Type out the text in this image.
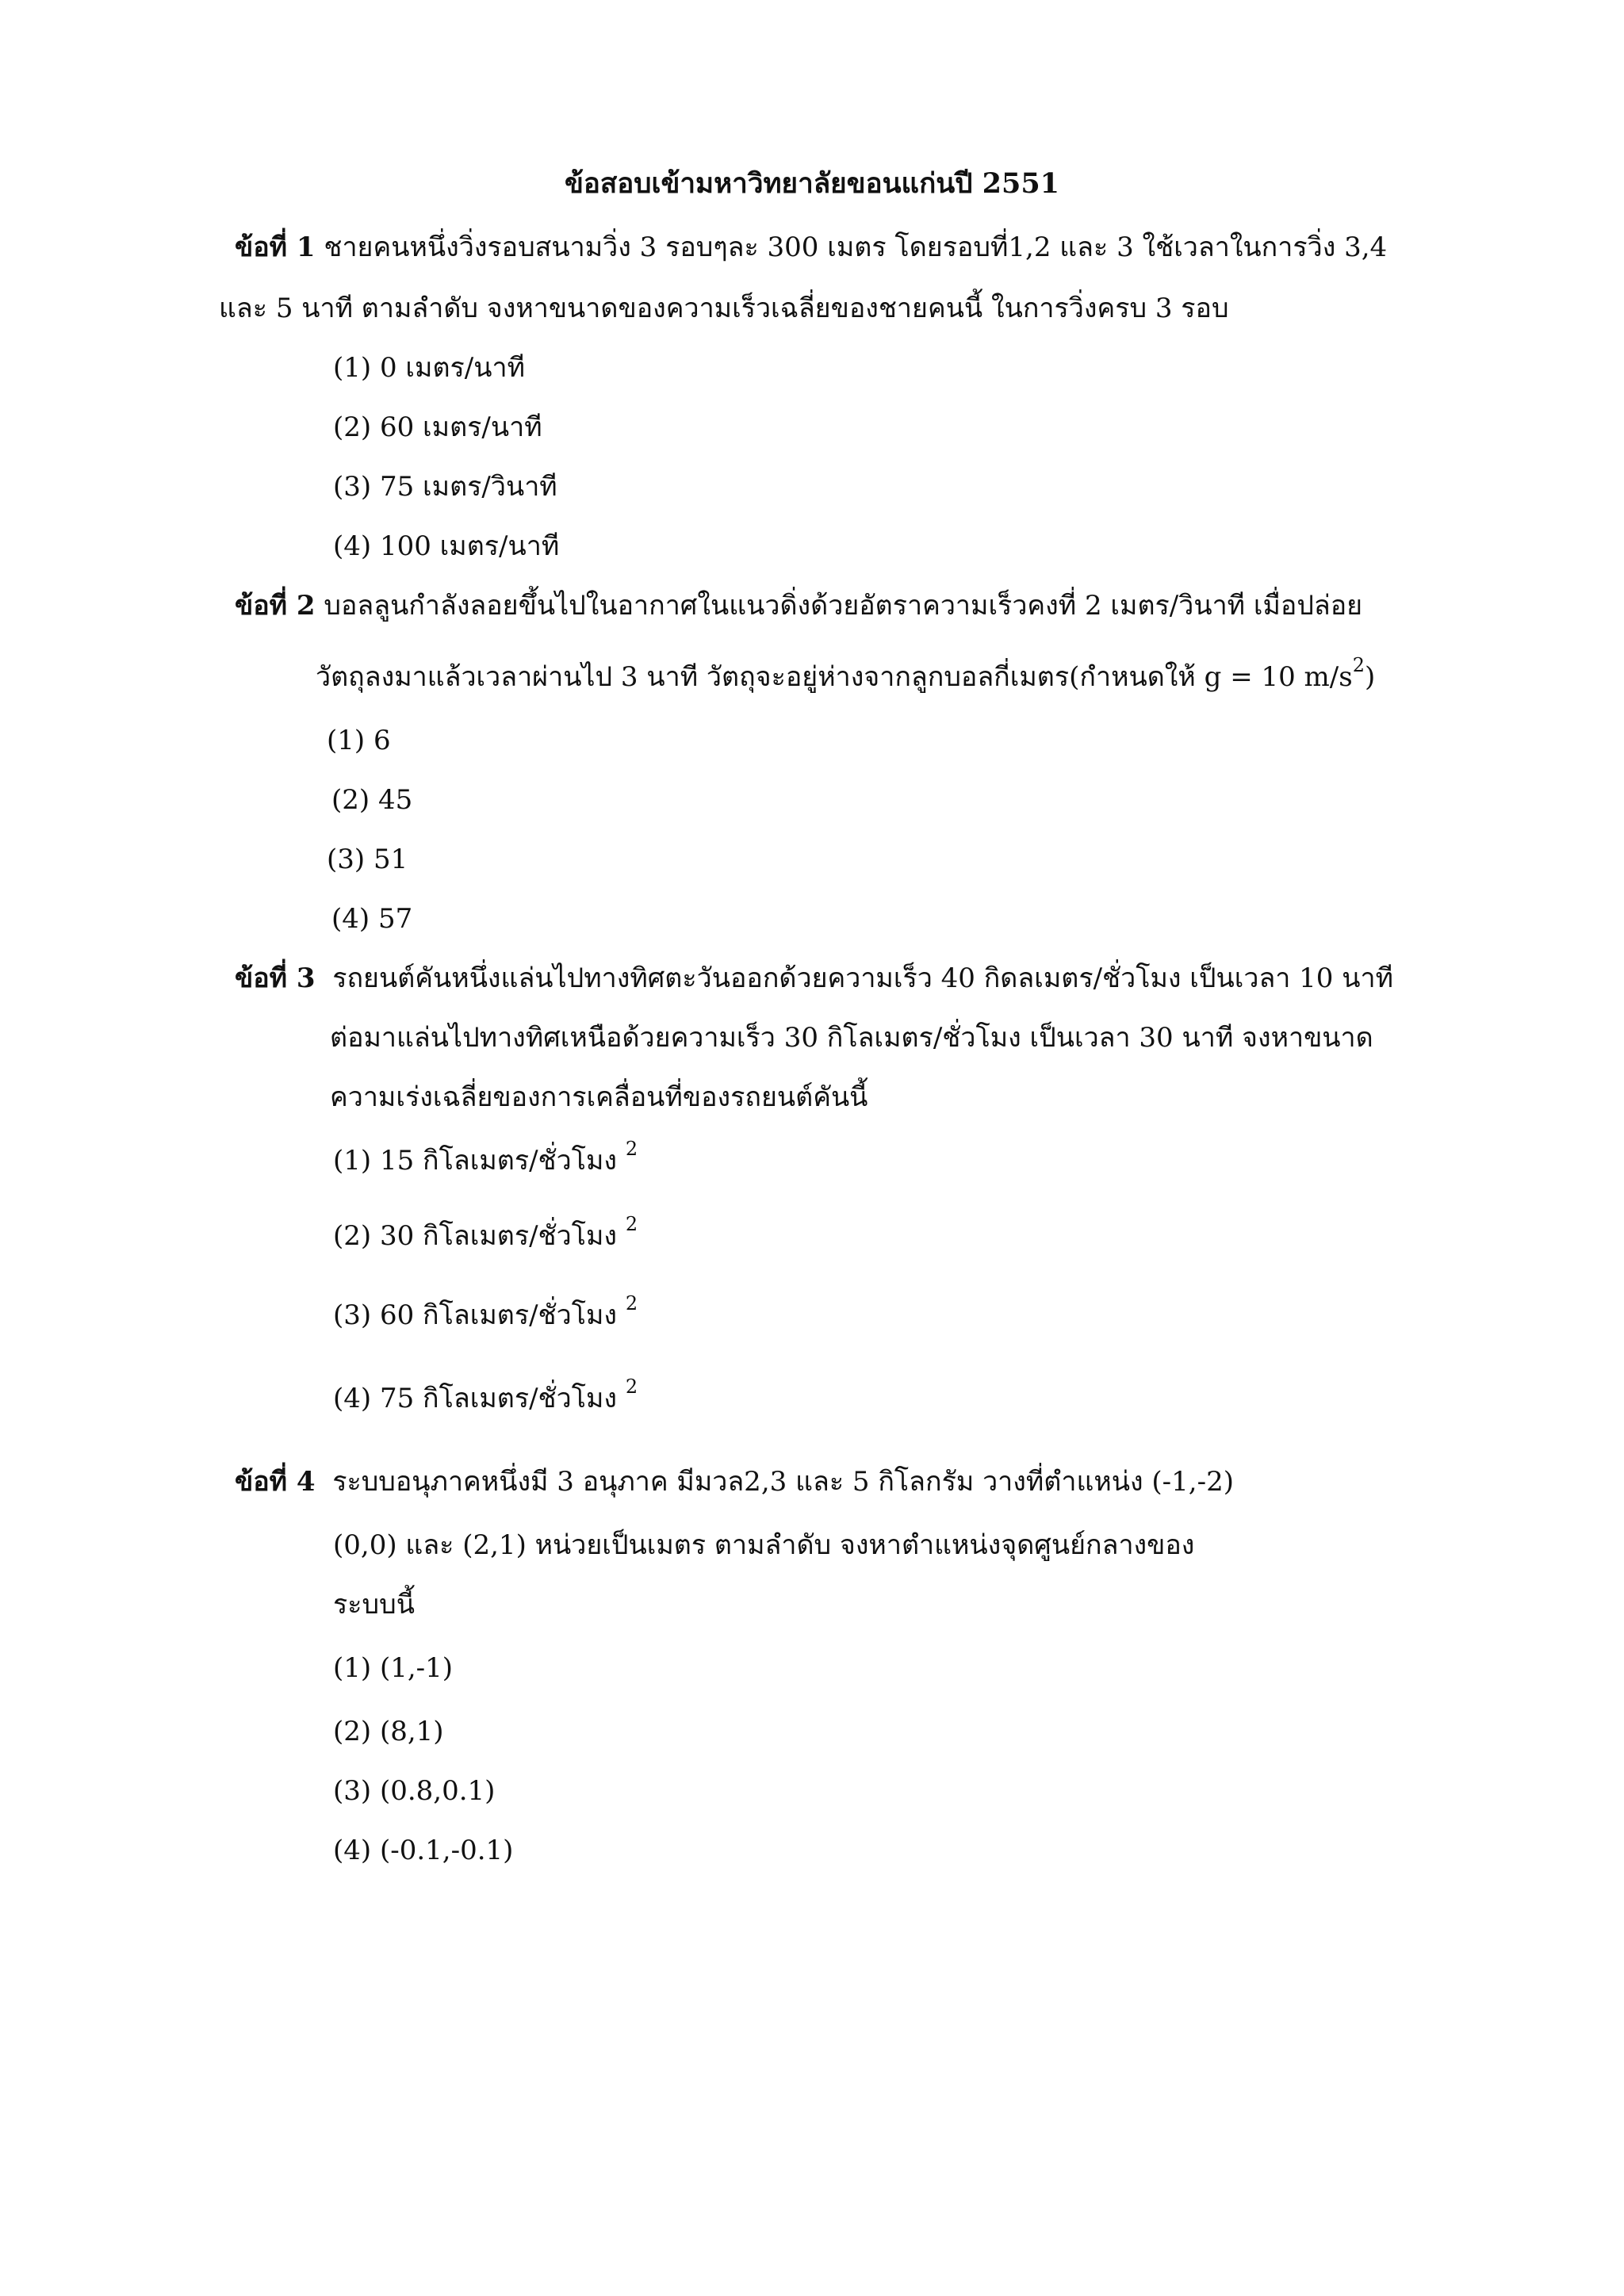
ข้อสอบเข้ามหาวิทยาลัยขอนแก่นปี 2551
ข้อที่ 1 ชายคนหนึ่งวิ่งรอบสนามวิ่ง 3 รอบๆละ 300 เมตร โดยรอบที่1,2 และ 3 ใช้เวลาในการวิ่ง 3,4
และ 5 นาที ตามลำดับ จงหาขนาดของความเร็วเฉลี่ยของชายคนนี้ ในการวิ่งครบ 3 รอบ
(1) 0 เมตร/นาที
(2) 60 เมตร/นาที
(3) 75 เมตร/วินาที
(4) 100 เมตร/นาที
ข้อที่ 2 บอลลูนกำลังลอยขึ้นไปในอากาศในแนวดิ่งด้วยอัตราความเร็วคงที่ 2 เมตร/วินาที เมื่อปล่อย
วัตถุลงมาแล้วเวลาผ่านไป 3 นาที วัตถุจะอยู่ห่างจากลูกบอลกี่เมตร(กำหนดให้ g = 10 $m/s^2$)
(1) 6
(2) 45
(3) 51
(4) 57
ข้อที่ 3 รถยนต์คันหนึ่งแล่นไปทางทิศตะวันออกด้วยความเร็ว 40 กิดลเมตร/ชั่วโมง เป็นเวลา 10 นาที
ต่อมาแล่นไปทางทิศเหนือด้วยความเร็ว 30 กิโลเมตร/ชั่วโมง เป็นเวลา 30 นาที จงหาขนาด
ความเร่งเฉลี่ยของการเคลื่อนที่ของรถยนต์คันนี้
(1) 15 กิโลเมตร/ชั่วโมง $^2$
(2) 30 กิโลเมตร/ชั่วโมง $^2$
(3) 60 กิโลเมตร/ชั่วโมง $^2$
(4) 75 กิโลเมตร/ชั่วโมง $^2$
ข้อที่ 4 ระบบอนุภาคหนึ่งมี 3 อนุภาค มีมวล2,3 และ 5 กิโลกรัม วางที่ตำแหน่ง (-1,-2)
(0,0) และ (2,1) หน่วยเป็นเมตร ตามลำดับ จงหาตำแหน่งจุดศูนย์กลางของ
ระบบนี้
(1) (1,-1)
(2) (8,1)
(3) (0.8,0.1)
(4) (-0.1,-0.1)
